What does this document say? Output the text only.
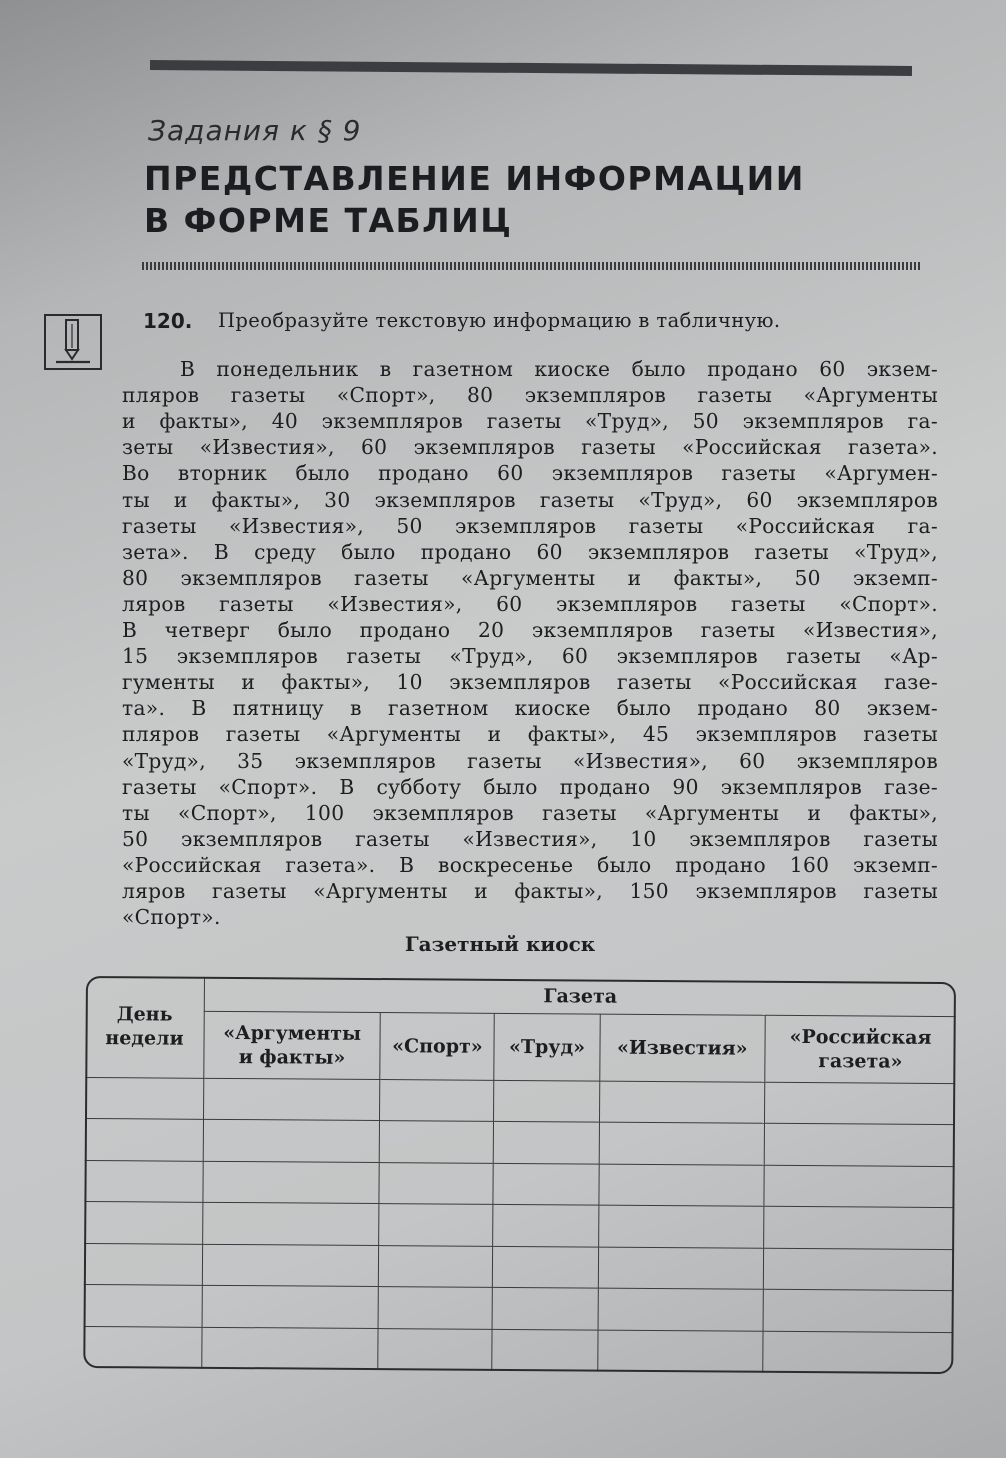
Задания к § 9
ПРЕДСТАВЛЕНИЕ ИНФОРМАЦИИ
В ФОРМЕ ТАБЛИЦ
120.	Преобразуйте текстовую информацию в табличную.
В понедельник в газетном киоске было продано 60 экзем-
пляров газеты «Спорт», 80 экземпляров газеты «Аргументы
и факты», 40 экземпляров газеты «Труд», 50 экземпляров га-
зеты «Известия», 60 экземпляров газеты «Российская газета».
Во вторник было продано 60 экземпляров газеты «Аргумен-
ты и факты», 30 экземпляров газеты «Труд», 60 экземпляров
газеты «Известия», 50 экземпляров газеты «Российская га-
зета». В среду было продано 60 экземпляров газеты «Труд»,
80 экземпляров газеты «Аргументы и факты», 50 экземп-
ляров газеты «Известия», 60 экземпляров газеты «Спорт».
В четверг было продано 20 экземпляров газеты «Известия»,
15 экземпляров газеты «Труд», 60 экземпляров газеты «Ар-
гументы и факты», 10 экземпляров газеты «Российская газе-
та». В пятницу в газетном киоске было продано 80 экзем-
пляров газеты «Аргументы и факты», 45 экземпляров газеты
«Труд», 35 экземпляров газеты «Известия», 60 экземпляров
газеты «Спорт». В субботу было продано 90 экземпляров газе-
ты «Спорт», 100 экземпляров газеты «Аргументы и факты»,
50 экземпляров газеты «Известия», 10 экземпляров газеты
«Российская газета». В воскресенье было продано 160 экземп-
ляров газеты «Аргументы и факты», 150 экземпляров газеты
«Спорт».
Газетный киоск
День
недели	Газета				
	«Аргументы
и факты»	«Спорт»	«Труд»	«Известия»	«Российская
газета»
